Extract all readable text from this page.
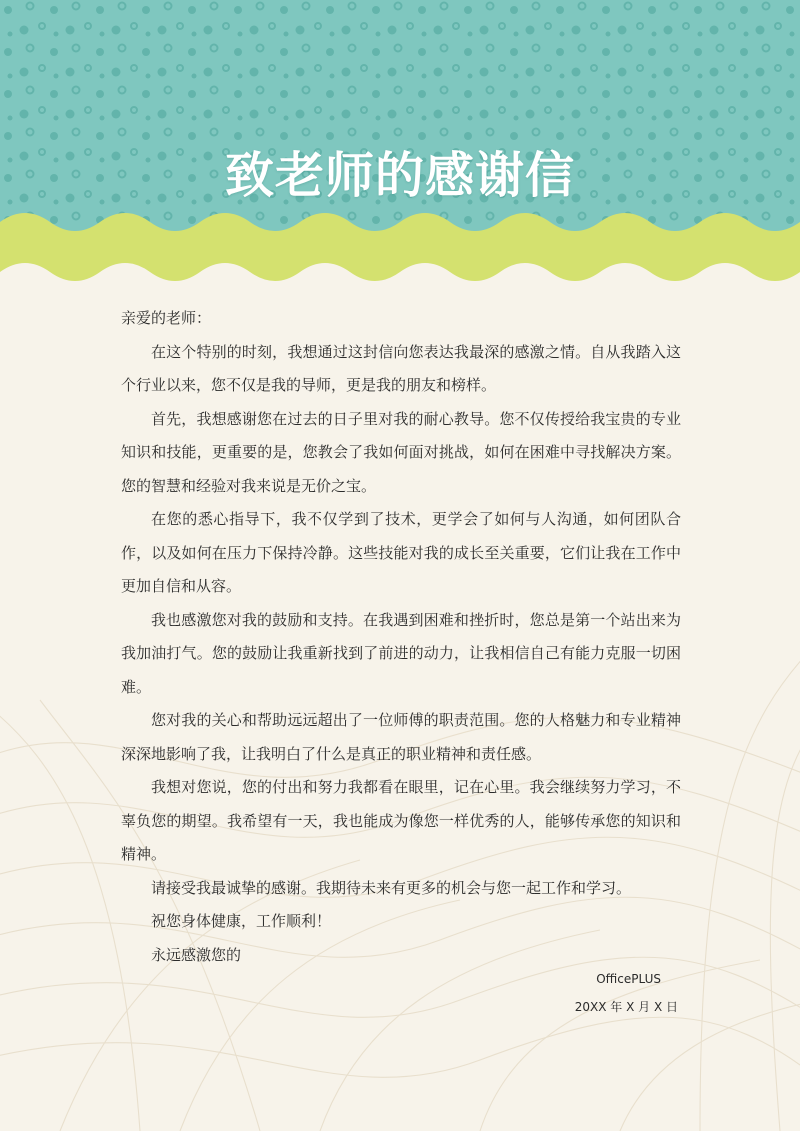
致老师的感谢信

亲爱的老师：

在这个特别的时刻，我想通过这封信向您表达我最深的感激之情。自从我踏入这个行业以来，您不仅是我的导师，更是我的朋友和榜样。

首先，我想感谢您在过去的日子里对我的耐心教导。您不仅传授给我宝贵的专业知识和技能，更重要的是，您教会了我如何面对挑战，如何在困难中寻找解决方案。您的智慧和经验对我来说是无价之宝。

在您的悉心指导下，我不仅学到了技术，更学会了如何与人沟通，如何团队合作，以及如何在压力下保持冷静。这些技能对我的成长至关重要，它们让我在工作中更加自信和从容。

我也感激您对我的鼓励和支持。在我遇到困难和挫折时，您总是第一个站出来为我加油打气。您的鼓励让我重新找到了前进的动力，让我相信自己有能力克服一切困难。

您对我的关心和帮助远远超出了一位师傅的职责范围。您的人格魅力和专业精神深深地影响了我，让我明白了什么是真正的职业精神和责任感。

我想对您说，您的付出和努力我都看在眼里，记在心里。我会继续努力学习，不辜负您的期望。我希望有一天，我也能成为像您一样优秀的人，能够传承您的知识和精神。

请接受我最诚挚的感谢。我期待未来有更多的机会与您一起工作和学习。

祝您身体健康，工作顺利！

永远感激您的

OfficePLUS
20XX 年 X 月 X 日
